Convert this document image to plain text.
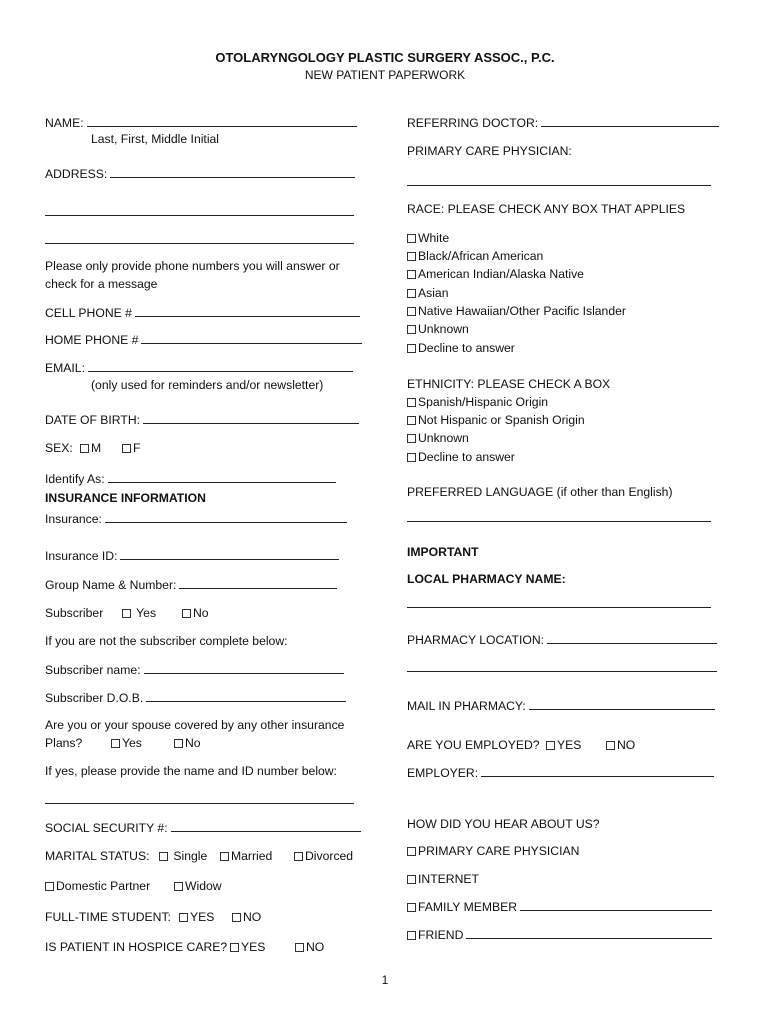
OTOLARYNGOLOGY PLASTIC SURGERY ASSOC., P.C.
NEW PATIENT PAPERWORK
NAME:
Last, First, Middle Initial
ADDRESS:
Please only provide phone numbers you will answer or
check for a message
CELL PHONE #
HOME PHONE #
EMAIL:
(only used for reminders and/or newsletter)
DATE OF BIRTH:
SEX:	M	F
Identify As:
INSURANCE INFORMATION
Insurance:
Insurance ID:
Group Name & Number:
Subscriber	Yes	No
If you are not the subscriber complete below:
Subscriber name:
Subscriber D.O.B.
Are you or your spouse covered by any other insurance
Plans?	Yes	No
If yes, please provide the name and ID number below:
SOCIAL SECURITY #:
MARITAL STATUS:	Single	Married	Divorced
Domestic Partner	Widow
FULL-TIME STUDENT:	YES	NO
IS PATIENT IN HOSPICE CARE?	YES	NO
REFERRING DOCTOR:
PRIMARY CARE PHYSICIAN:
RACE: PLEASE CHECK ANY BOX THAT APPLIES
White
Black/African American
American Indian/Alaska Native
Asian
Native Hawaiian/Other Pacific Islander
Unknown
Decline to answer
ETHNICITY: PLEASE CHECK A BOX
Spanish/Hispanic Origin
Not Hispanic or Spanish Origin
Unknown
Decline to answer
PREFERRED LANGUAGE (if other than English)
IMPORTANT
LOCAL PHARMACY NAME:
PHARMACY LOCATION:
MAIL IN PHARMACY:
ARE YOU EMPLOYED?	YES	NO
EMPLOYER:
HOW DID YOU HEAR ABOUT US?
PRIMARY CARE PHYSICIAN
INTERNET
FAMILY MEMBER
FRIEND
1
